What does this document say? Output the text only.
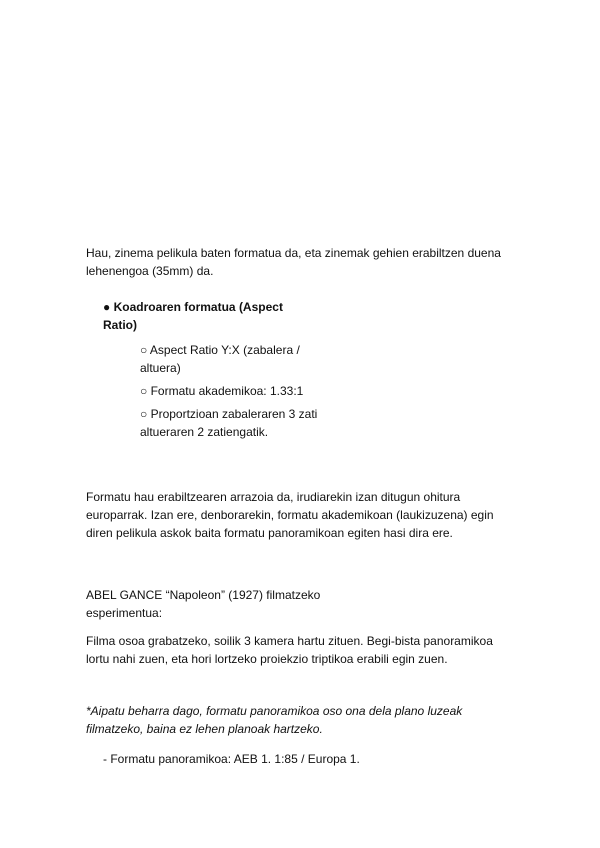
Hau, zinema pelikula baten formatua da, eta zinemak gehien erabiltzen duena lehenengoa (35mm) da.
● Koadroaren formatua (Aspect Ratio)
○ Aspect Ratio Y:X (zabalera / altuera)
○ Formatu akademikoa: 1.33:1
○ Proportzioan zabaleraren 3 zati altueraren 2 zatiengatik.
Formatu hau erabiltzearen arrazoia da, irudiarekin izan ditugun ohitura europarrak. Izan ere, denborarekin, formatu akademikoan (laukizuzena) egin diren pelikula askok baita formatu panoramikoan egiten hasi dira ere.
ABEL GANCE “Napoleon” (1927) filmatzeko esperimentua:
Filma osoa grabatzeko, soilik 3 kamera hartu zituen. Begi-bista panoramikoa lortu nahi zuen, eta hori lortzeko proiekzio triptikoa erabili egin zuen.
*Aipatu beharra dago, formatu panoramikoa oso ona dela plano luzeak filmatzeko, baina ez lehen planoak hartzeko.
- Formatu panoramikoa: AEB 1. 1:85 / Europa 1.
